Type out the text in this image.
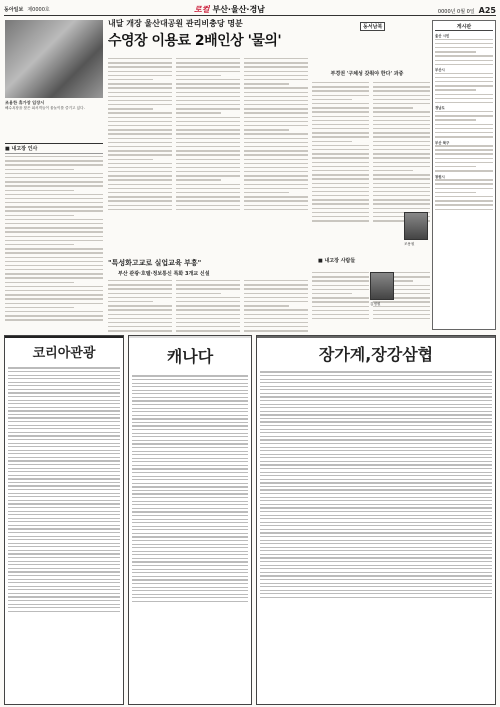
동아일보 제0000호	로컬 부산·울산·경남	0000년 0월 0일 A25
조용한 휴가장 입장시
해수욕장을 찾은 피서객들이 물놀이를 즐기고 있다.
■ 내고장 인사
내달 개장 울산대공원 관리비충당 명분
수영장 이용료 2배인상 '물의'
"특성화고교로 실업교육 부흥"
부산 관광·호텔·정보통신 특화 3개교 신설
동서남북
부경권 '구체성 갖춰야 한다' 과중
조용원
■ 내고장 사람들
김정원
게시판
울산 시민
부산시
경남도
부산 북구
창원시
코리아관광	캐나다	장가계,장강삼협
